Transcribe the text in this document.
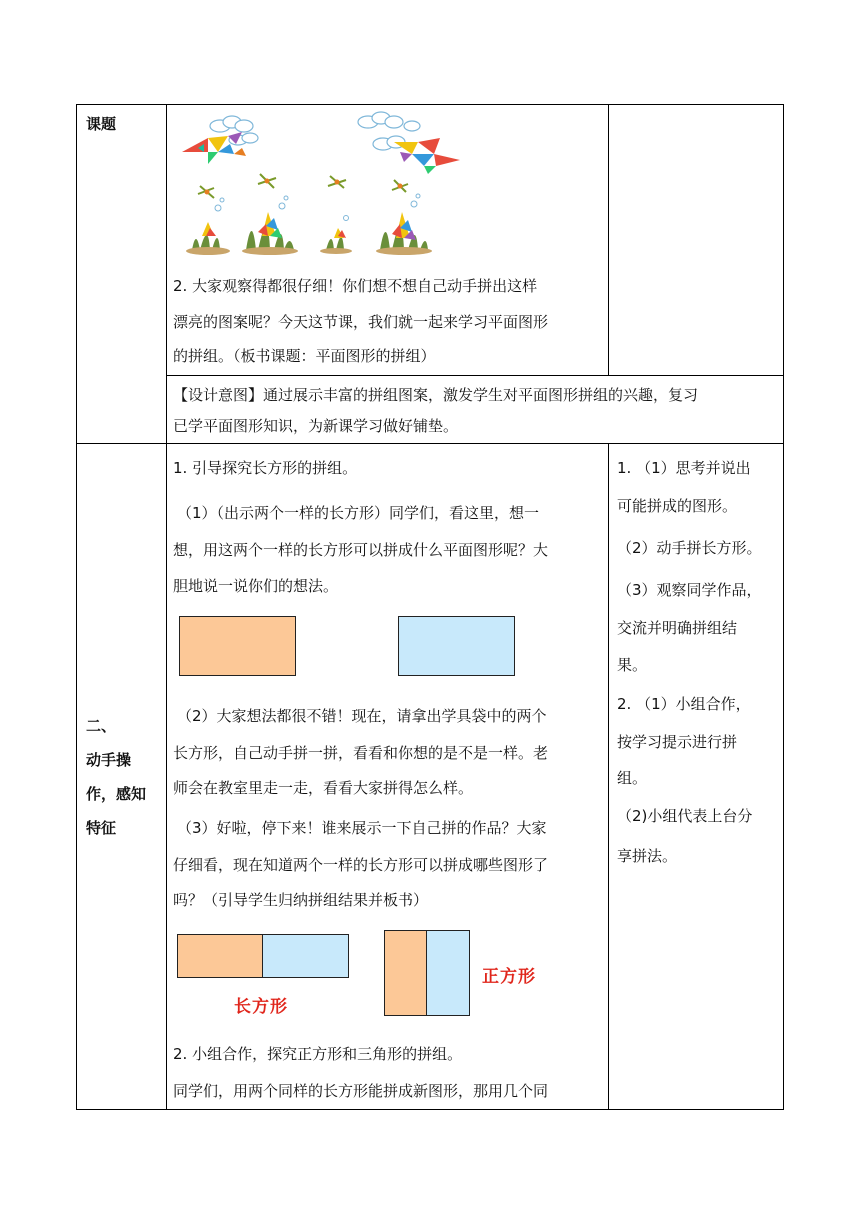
课题
2. 大家观察得都很仔细！你们想不想自己动手拼出这样
漂亮的图案呢？今天这节课，我们就一起来学习平面图形
的拼组。（板书课题：平面图形的拼组）
【设计意图】通过展示丰富的拼组图案，激发学生对平面图形拼组的兴趣，复习
已学平面图形知识，为新课学习做好铺垫。
二、
动手操
作，感知
特征
1. 引导探究长方形的拼组。
（1）（出示两个一样的长方形）同学们，看这里，想一
想，用这两个一样的长方形可以拼成什么平面图形呢？大
胆地说一说你们的想法。
（2）大家想法都很不错！现在，请拿出学具袋中的两个
长方形，自己动手拼一拼，看看和你想的是不是一样。老
师会在教室里走一走，看看大家拼得怎么样。
（3）好啦，停下来！谁来展示一下自己拼的作品？大家
仔细看，现在知道两个一样的长方形可以拼成哪些图形了
吗？（引导学生归纳拼组结果并板书）
长方形
正方形
2. 小组合作，探究正方形和三角形的拼组。
同学们，用两个同样的长方形能拼成新图形，那用几个同
1. （1）思考并说出
可能拼成的图形。
（2）动手拼长方形。
（3）观察同学作品，
交流并明确拼组结
果。
2. （1）小组合作，
按学习提示进行拼
组。
（2)小组代表上台分
享拼法。
